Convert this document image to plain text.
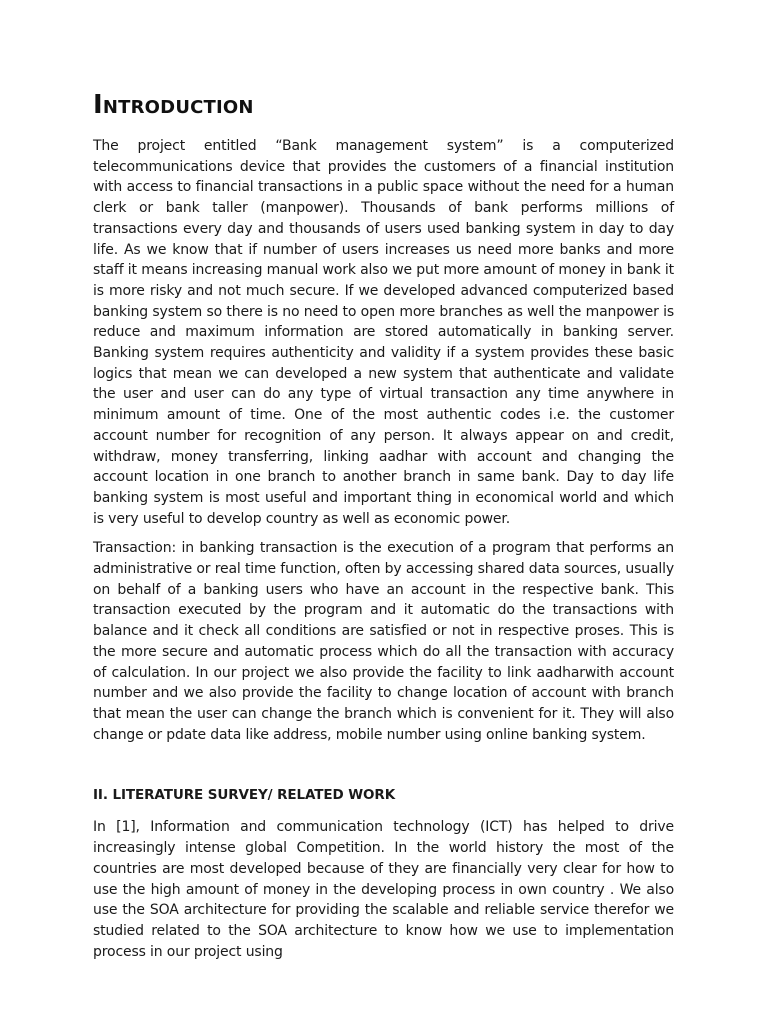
Introduction

The project entitled “Bank management system” is a computerized telecommunications device that provides the customers of a financial institution with access to financial transactions in a public space without the need for a human clerk or bank taller (manpower). Thousands of bank performs millions of transactions every day and thousands of users used banking system in day to day life. As we know that if number of users increases us need more banks and more staff it means increasing manual work also we put more amount of money in bank it is more risky and not much secure. If we developed advanced computerized based banking system so there is no need to open more branches as well the manpower is reduce and maximum information are stored automatically in banking server. Banking system requires authenticity and validity if a system provides these basic logics that mean we can developed a new system that authenticate and validate the user and user can do any type of virtual transaction any time anywhere in minimum amount of time. One of the most authentic codes i.e. the customer account number for recognition of any person. It always appear on and credit, withdraw, money transferring, linking aadhar with account and changing the account location in one branch to another branch in same bank. Day to day life banking system is most useful and important thing in economical world and which is very useful to develop country as well as economic power.

Transaction: in banking transaction is the execution of a program that performs an administrative or real time function, often by accessing shared data sources, usually on behalf of a banking users who have an account in the respective bank. This transaction executed by the program and it automatic do the transactions with balance and it check all conditions are satisfied or not in respective proses. This is the more secure and automatic process which do all the transaction with accuracy of calculation. In our project we also provide the facility to link aadharwith account number and we also provide the facility to change location of account with branch that mean the user can change the branch which is convenient for it. They will also change or pdate data like address, mobile number using online banking system.

II. LITERATURE SURVEY/ RELATED WORK

In [1], Information and communication technology (ICT) has helped to drive increasingly intense global Competition. In the world history the most of the countries are most developed because of they are financially very clear for how to use the high amount of money in the developing process in own country . We also use the SOA architecture for providing the scalable and reliable service therefor we studied related to the SOA architecture to know how we use to implementation process in our project using
